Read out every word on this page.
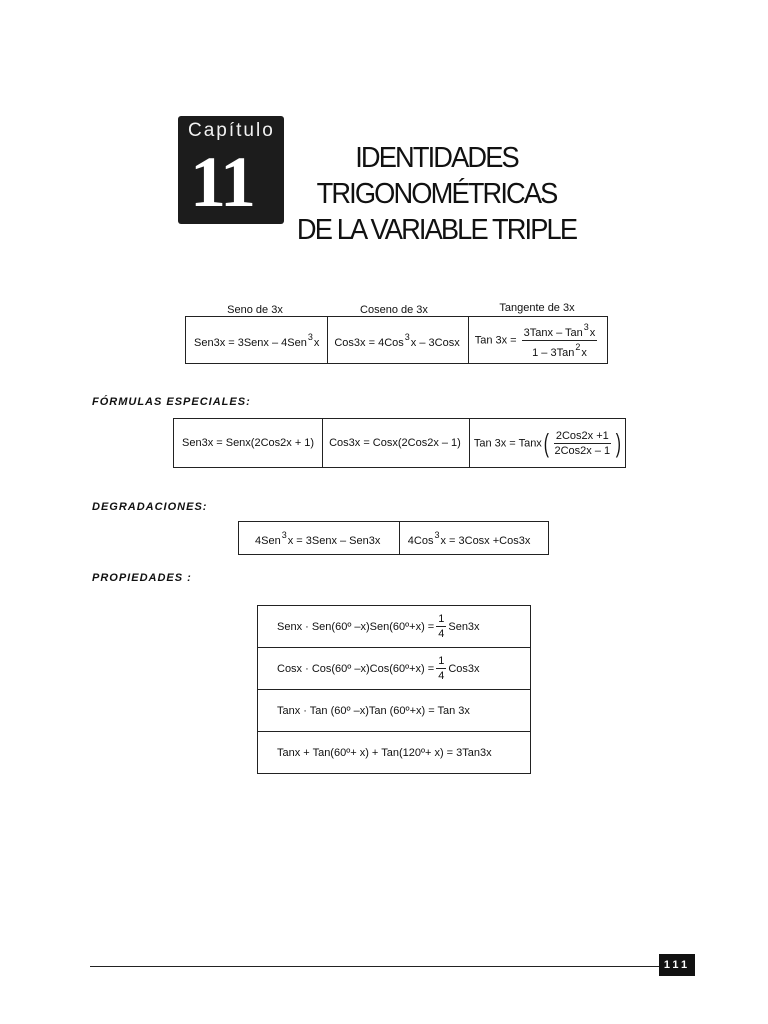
Capítulo
11	IDENTIDADES TRIGONOMÉTRICAS
DE LA VARIABLE TRIPLE
Seno de 3x	Coseno de 3x	Tangente de 3x
Sen3x = 3Senx – 4Sen$^3$x	Cos3x = 4Cos$^3$x – 3Cosx	Tan $3x = \frac{3Tanx - Tan^3x}{1 - 3Tan^2x}$
FÓRMULAS ESPECIALES:
Sen3x = Senx(2Cos2x + 1)	Cos3x = Cosx(2Cos2x – 1)	Tan 3x = Tanx ( $\frac{\text{2Cos2x +1}}{\text{2Cos2x – 1}}$ )
DEGRADACIONES:
4Sen$^3$x = 3Senx – Sen3x	4Cos$^3$x = 3Cosx +Cos3x
PROPIEDADES :
Senx · Sen(60º –x)Sen(60º+x) = $\frac{1}{4} Sen3x$
Cosx · Cos(60º –x)Cos(60º+x) = $\frac{1}{4} Cos3x$
Tanx · Tan (60º –x)Tan (60º+x) = Tan 3x
Tanx + Tan(60º+ x) + Tan(120º+ x) = 3Tan3x
111
